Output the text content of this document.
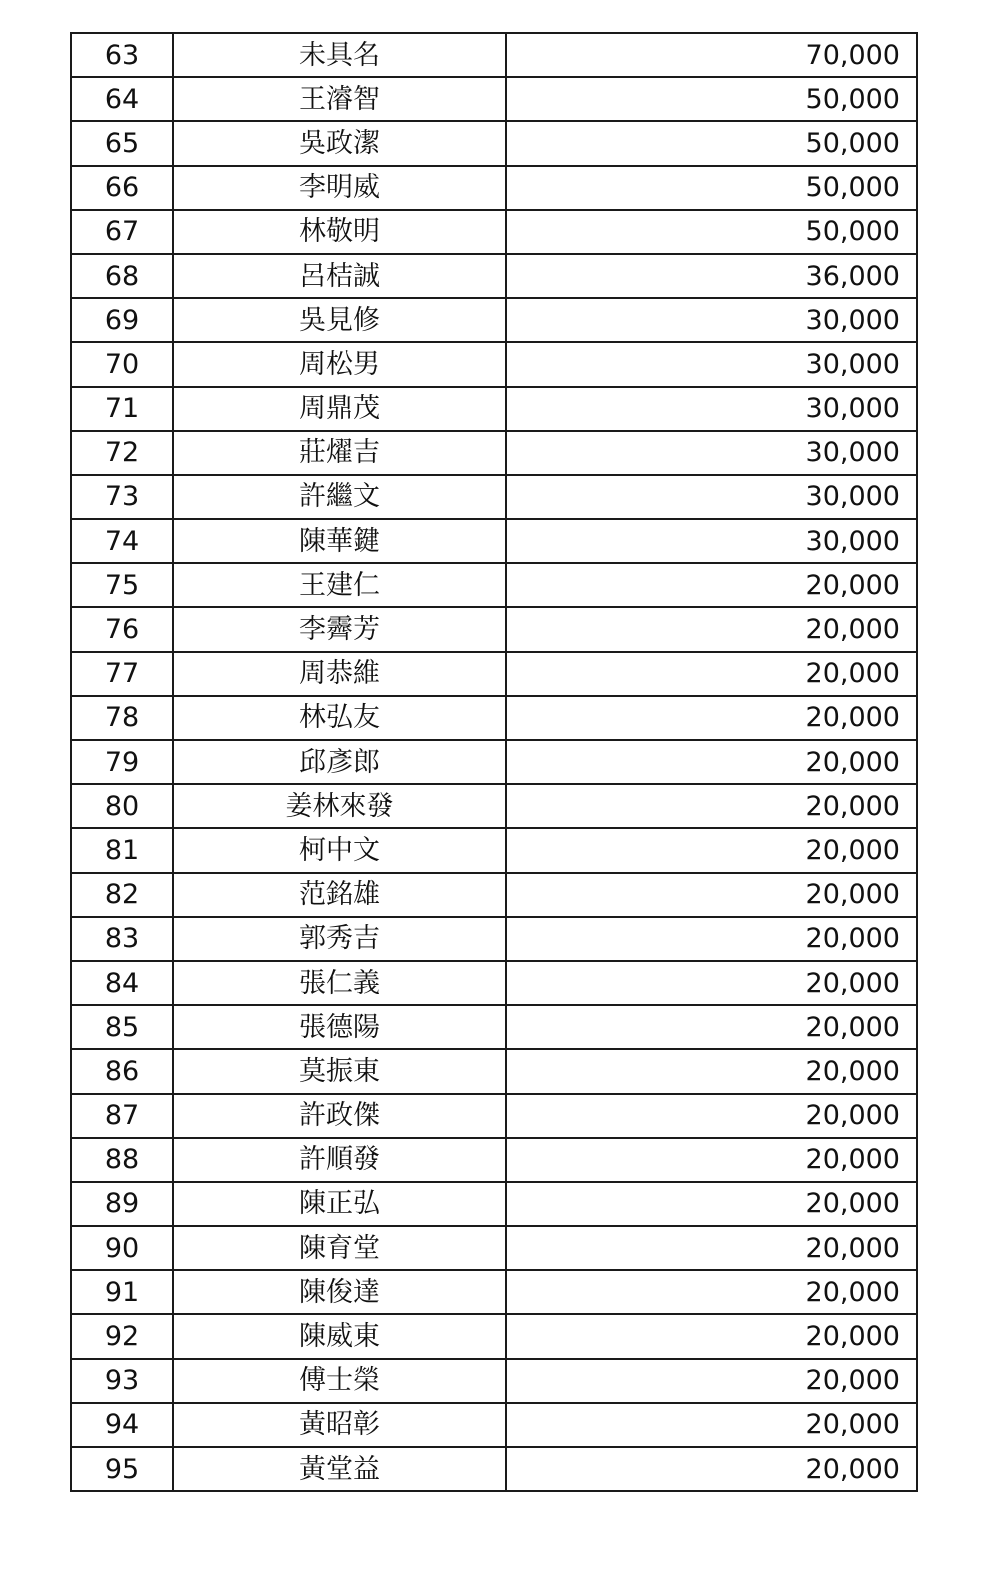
63	未具名	70,000
64	王濬智	50,000
65	吳政潔	50,000
66	李明威	50,000
67	林敬明	50,000
68	呂桔誠	36,000
69	吳見修	30,000
70	周松男	30,000
71	周鼎茂	30,000
72	莊燿吉	30,000
73	許繼文	30,000
74	陳華鍵	30,000
75	王建仁	20,000
76	李霽芳	20,000
77	周恭維	20,000
78	林弘友	20,000
79	邱彥郎	20,000
80	姜林來發	20,000
81	柯中文	20,000
82	范銘雄	20,000
83	郭秀吉	20,000
84	張仁義	20,000
85	張德陽	20,000
86	莫振東	20,000
87	許政傑	20,000
88	許順發	20,000
89	陳正弘	20,000
90	陳育堂	20,000
91	陳俊達	20,000
92	陳威東	20,000
93	傅士榮	20,000
94	黃昭彰	20,000
95	黃堂益	20,000
